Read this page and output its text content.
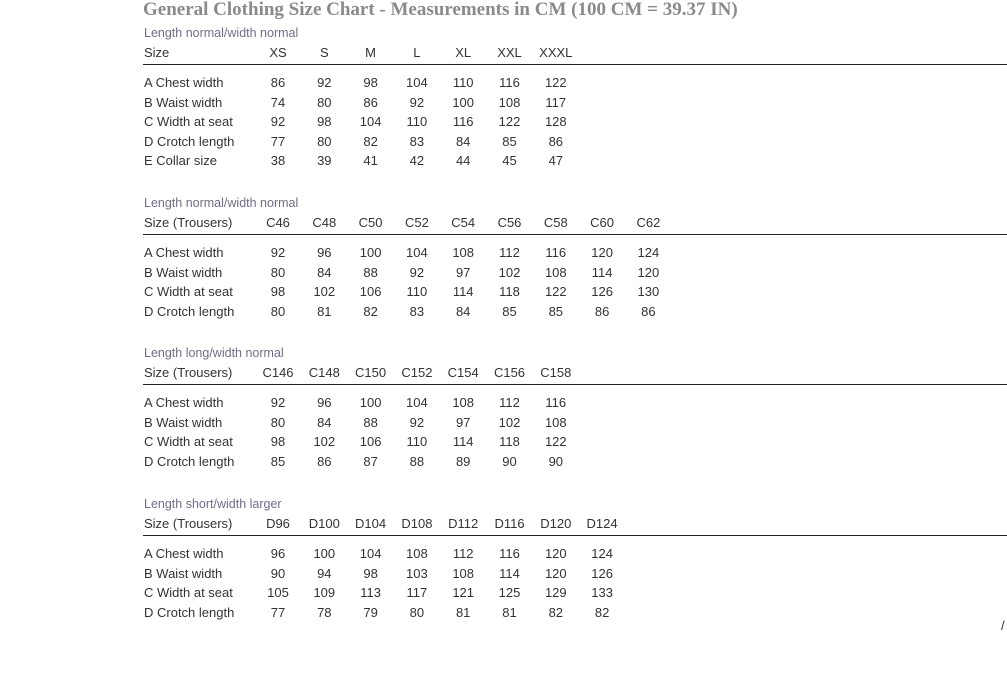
General Clothing Size Chart - Measurements in CM (100 CM = 39.37 IN)
Length normal/width normal
Size	XS	S	M	L	XL	XXL	XXXL
A Chest width	86	92	98	104	110	116	122
B Waist width	74	80	86	92	100	108	117
C Width at seat	92	98	104	110	116	122	128
D Crotch length	77	80	82	83	84	85	86
E Collar size	38	39	41	42	44	45	47
Length normal/width normal
Size (Trousers)	C46	C48	C50	C52	C54	C56	C58	C60	C62
A Chest width	92	96	100	104	108	112	116	120	124
B Waist width	80	84	88	92	97	102	108	114	120
C Width at seat	98	102	106	110	114	118	122	126	130
D Crotch length	80	81	82	83	84	85	85	86	86
Length long/width normal
Size (Trousers)	C146	C148	C150	C152	C154	C156	C158
A Chest width	92	96	100	104	108	112	116
B Waist width	80	84	88	92	97	102	108
C Width at seat	98	102	106	110	114	118	122
D Crotch length	85	86	87	88	89	90	90
Length short/width larger
Size (Trousers)	D96	D100	D104	D108	D112	D116	D120	D124
A Chest width	96	100	104	108	112	116	120	124
B Waist width	90	94	98	103	108	114	120	126
C Width at seat	105	109	113	117	121	125	129	133
D Crotch length	77	78	79	80	81	81	82	82
/
